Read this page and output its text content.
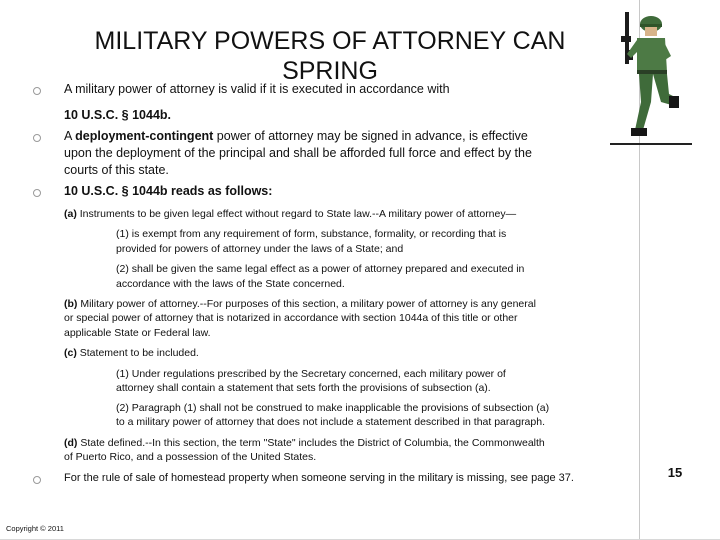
MILITARY POWERS OF ATTORNEY CAN SPRING
A military power of attorney is valid if it is executed in accordance with
10 U.S.C. § 1044b.
A deployment-contingent power of attorney may be signed in advance, is effective
upon the deployment of the principal and shall be afforded full force and effect by the
courts of this state.
10 U.S.C. § 1044b reads as follows:
(a) Instruments to be given legal effect without regard to State law.--A military power of attorney—
(1) is exempt from any requirement of form, substance, formality, or recording that is
provided for powers of attorney under the laws of a State; and
(2) shall be given the same legal effect as a power of attorney prepared and executed in
accordance with the laws of the State concerned.
(b) Military power of attorney.--For purposes of this section, a military power of attorney is any general
or special power of attorney that is notarized in accordance with section 1044a of this title or other
applicable State or Federal law.
(c) Statement to be included.
(1) Under regulations prescribed by the Secretary concerned, each military power of
attorney shall contain a statement that sets forth the provisions of subsection (a).
(2) Paragraph (1) shall not be construed to make inapplicable the provisions of subsection (a)
to a military power of attorney that does not include a statement described in that paragraph.
(d) State defined.--In this section, the term "State" includes the District of Columbia, the Commonwealth
of Puerto Rico, and a possession of the United States.
For the rule of sale of homestead property when someone serving in the military is missing, see page 37.	15
Copyright © 2011
